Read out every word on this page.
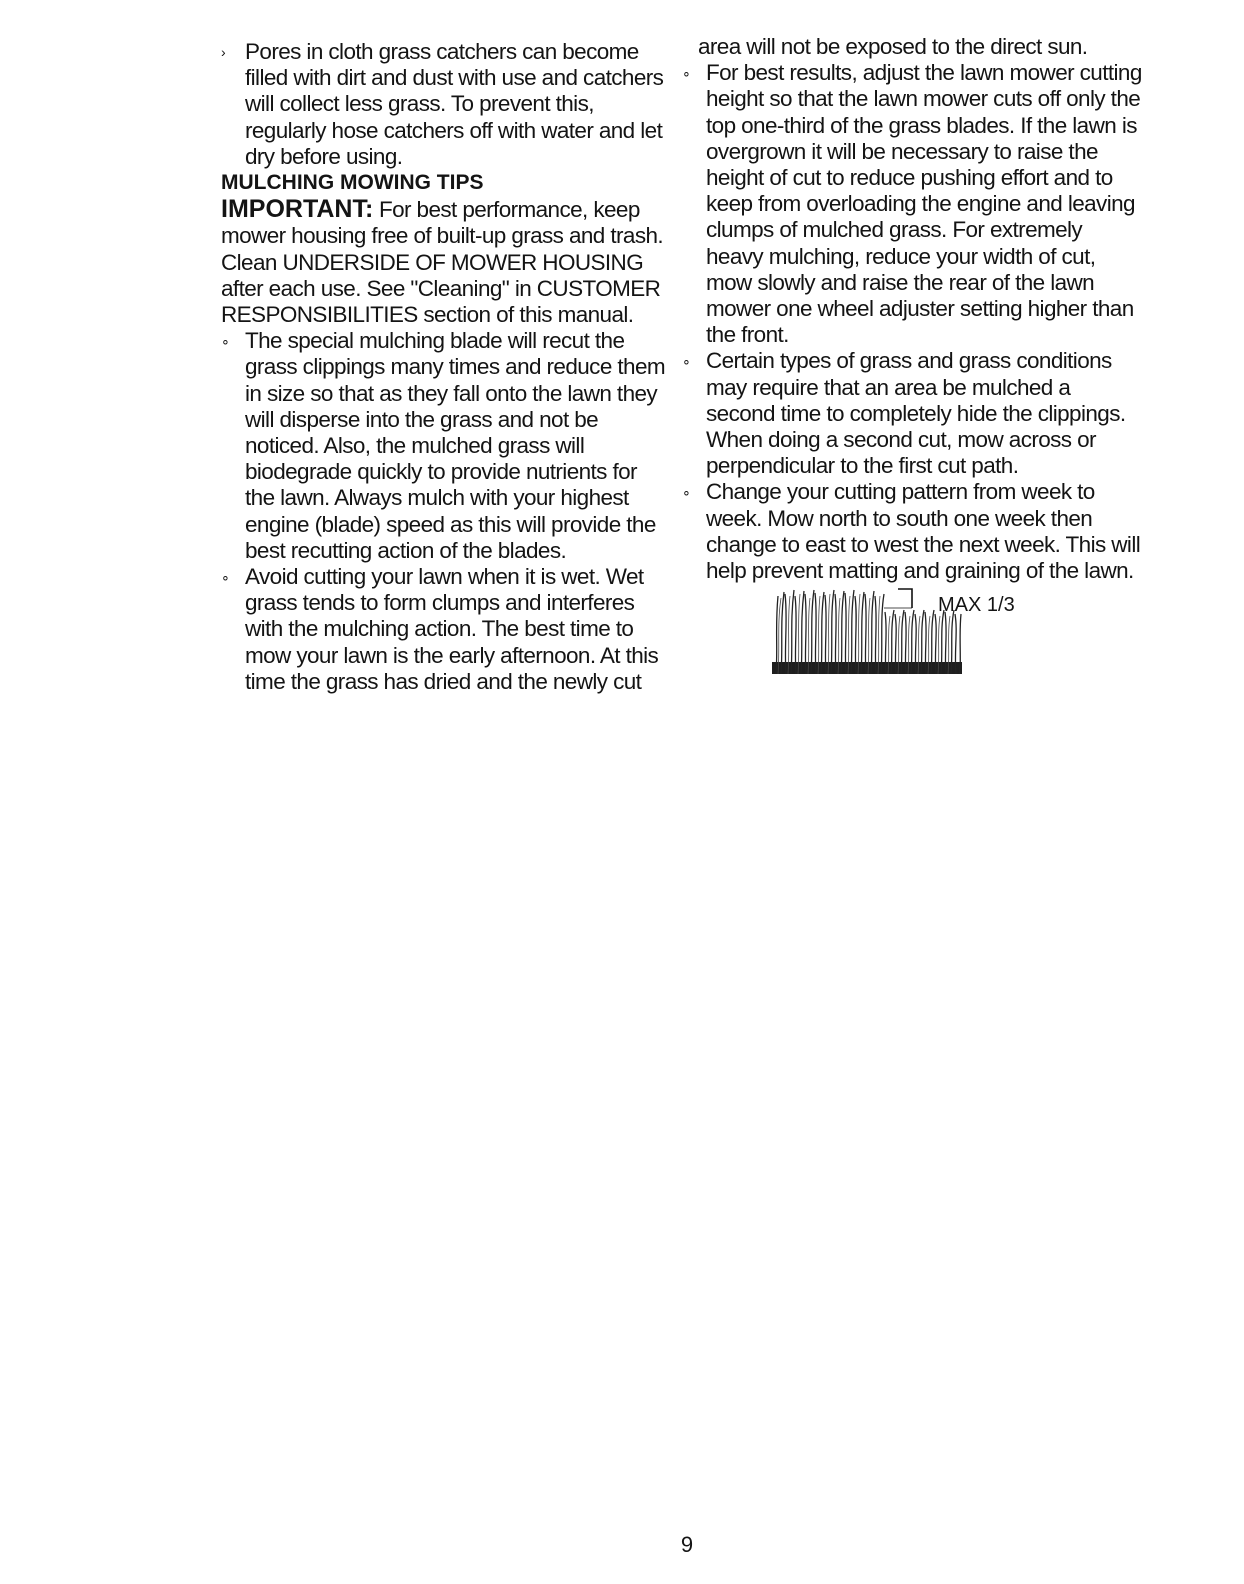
› Pores in cloth grass catchers can become filled with dirt and dust with use and catchers will collect less grass. To prevent this, regularly hose catchers off with water and let dry before using.

MULCHING MOWING TIPS

IMPORTANT: For best performance, keep mower housing free of built-up grass and trash. Clean UNDERSIDE OF MOWER HOUSING after each use. See "Cleaning" in CUSTOMER RESPONSIBILITIES section of this manual.

∘ The special mulching blade will recut the grass clippings many times and reduce them in size so that as they fall onto the lawn they will disperse into the grass and not be noticed. Also, the mulched grass will biodegrade quickly to provide nutrients for the lawn. Always mulch with your highest engine (blade) speed as this will provide the best recutting action of the blades.

∘ Avoid cutting your lawn when it is wet. Wet grass tends to form clumps and interferes with the mulching action. The best time to mow your lawn is the early afternoon. At this time the grass has dried and the newly cut

area will not be exposed to the direct sun.

∘ For best results, adjust the lawn mower cutting height so that the lawn mower cuts off only the top one-third of the grass blades. If the lawn is overgrown it will be necessary to raise the height of cut to reduce pushing effort and to keep from overloading the engine and leaving clumps of mulched grass. For extremely heavy mulching, reduce your width of cut, mow slowly and raise the rear of the lawn mower one wheel adjuster setting higher than the front.

∘ Certain types of grass and grass conditions may require that an area be mulched a second time to completely hide the clippings. When doing a second cut, mow across or perpendicular to the first cut path.

∘ Change your cutting pattern from week to week. Mow north to south one week then change to east to west the next week. This will help prevent matting and graining of the lawn.

MAX 1/3
9
